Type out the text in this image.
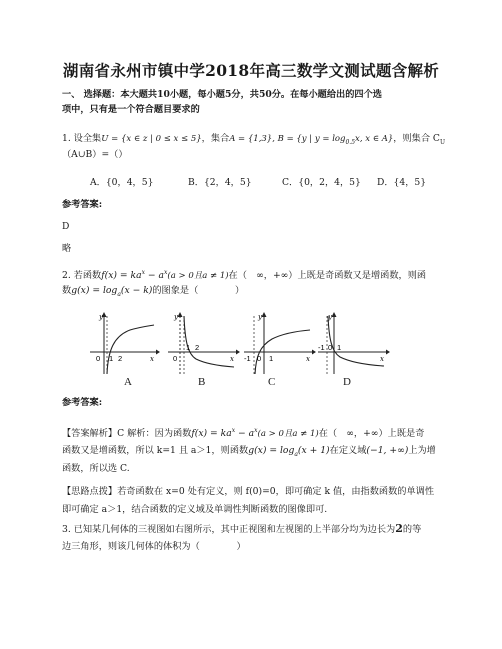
湖南省永州市镇中学2018年高三数学文测试题含解析
一、 选择题：本大题共10小题，每小题5分，共50分。在每小题给出的四个选
项中，只有是一个符合题目要求的
1. 设全集U = {x ∈ z | 0 ≤ x ≤ 5}，集合A = {1,3}, B = {y | $y = \log_{0.5}x$, x ∈ A}，则集合 $C_U$
（A∪B）=（）
A．{0，4，5}	B．{2，4，5}	C．{0，2，4，5} D．{4，5}
参考答案:
D
略
2. 若函数$f(x) = ka^x - a^x(a > 0$且a ≠ 1)在（　∞，+∞）上既是奇函数又是增函数，则函
数$g(x) = \log_a(x - k)$的图象是（　　　　）
0 1 2
y
x	0
1 2
y
x -1 0 1
y
x
-1 0 1
y
x
A	B	C	D
参考答案:
【答案解析】C 解析：因为函数$f(x) = ka^x - a^x(a > 0$且a ≠ 1)在（　∞，+∞）上既是奇
函数又是增函数，所以 k=1 且 a＞1，则函数$g(x) = \log_a(x + 1)$在定义域(−1, +∞)上为增
函数，所以选 C.
【思路点拨】若奇函数在 x=0 处有定义，则 f(0)=0，即可确定 k 值，由指数函数的单调性
即可确定 a＞1，结合函数的定义域及单调性判断函数的图像即可.
3. 已知某几何体的三视图如右图所示，其中正视图和左视图的上半部分均为边长为2的等
边三角形，则该几何体的体积为（　　　　）
